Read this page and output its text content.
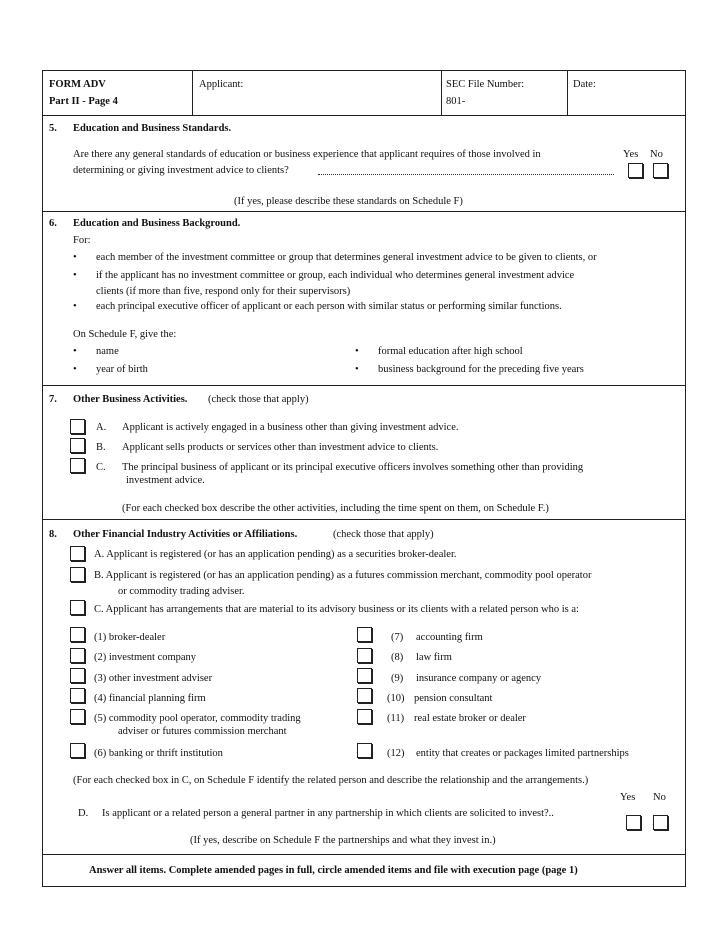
FORM ADV
Part II - Page 4
Applicant:	SEC File Number:
801-
Date:
5. Education and Business Standards.
Are there any general standards of education or business experience that applicant requires of those involved in
determining or giving investment advice to clients?
Yes No
(If yes, please describe these standards on Schedule F)
6. Education and Business Background.
For:
• each member of the investment committee or group that determines general investment advice to be given to clients, or
• if the applicant has no investment committee or group, each individual who determines general investment advice
clients (if more than five, respond only for their supervisors)
• each principal executive officer of applicant or each person with similar status or performing similar functions.
On Schedule F, give the:
• name
• year of birth
• formal education after high school
• business background for the preceding five years
7. Other Business Activities. (check those that apply)
A. Applicant is actively engaged in a business other than giving investment advice.
B. Applicant sells products or services other than investment advice to clients.
C. The principal business of applicant or its principal executive officers involves something other than providing
investment advice.
(For each checked box describe the other activities, including the time spent on them, on Schedule F.)
8. Other Financial Industry Activities or Affiliations.	(check those that apply)
A. Applicant is registered (or has an application pending) as a securities broker-dealer.
B. Applicant is registered (or has an application pending) as a futures commission merchant, commodity pool operator
or commodity trading adviser.
C. Applicant has arrangements that are material to its advisory business or its clients with a related person who is a:
(1) broker-dealer
(2) investment company
(3) other investment adviser
(4) financial planning firm
(5) commodity pool operator, commodity trading
adviser or futures commission merchant
(6) banking or thrift institution
(7) accounting firm
(8) law firm
(9) insurance company or agency
(10) pension consultant
(11) real estate broker or dealer
(12) entity that creates or packages limited partnerships
(For each checked box in C, on Schedule F identify the related person and describe the relationship and the arrangements.)
Yes No
D. Is applicant or a related person a general partner in any partnership in which clients are solicited to invest?..
(If yes, describe on Schedule F the partnerships and what they invest in.)
Answer all items. Complete amended pages in full, circle amended items and file with execution page (page 1)
